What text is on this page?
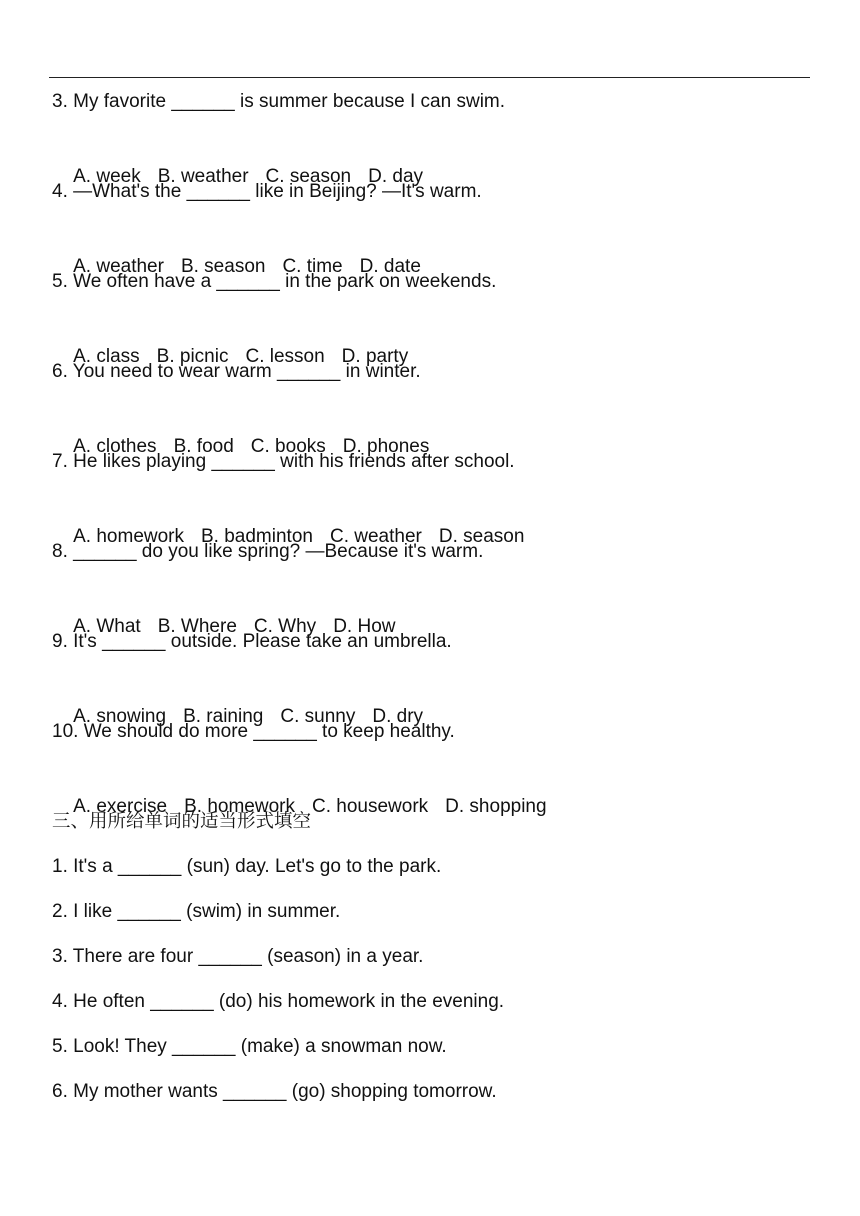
3. My favorite ______ is summer because I can swim.

A. week B. weather C. season D. day

4. —What's the ______ like in Beijing? —It's warm.

A. weather B. season C. time D. date

5. We often have a ______ in the park on weekends.

A. class B. picnic C. lesson D. party

6. You need to wear warm ______ in winter.

A. clothes B. food C. books D. phones

7. He likes playing ______ with his friends after school.

A. homework B. badminton C. weather D. season

8. ______ do you like spring? —Because it's warm.

A. What B. Where C. Why D. How

9. It's ______ outside. Please take an umbrella.

A. snowing B. raining C. sunny D. dry

10. We should do more ______ to keep healthy.

A. exercise B. homework C. housework D. shopping

三、用所给单词的适当形式填空
1. It's a ______ (sun) day. Let's go to the park.
2. I like ______ (swim) in summer.
3. There are four ______ (season) in a year.
4. He often ______ (do) his homework in the evening.
5. Look! They ______ (make) a snowman now.
6. My mother wants ______ (go) shopping tomorrow.
